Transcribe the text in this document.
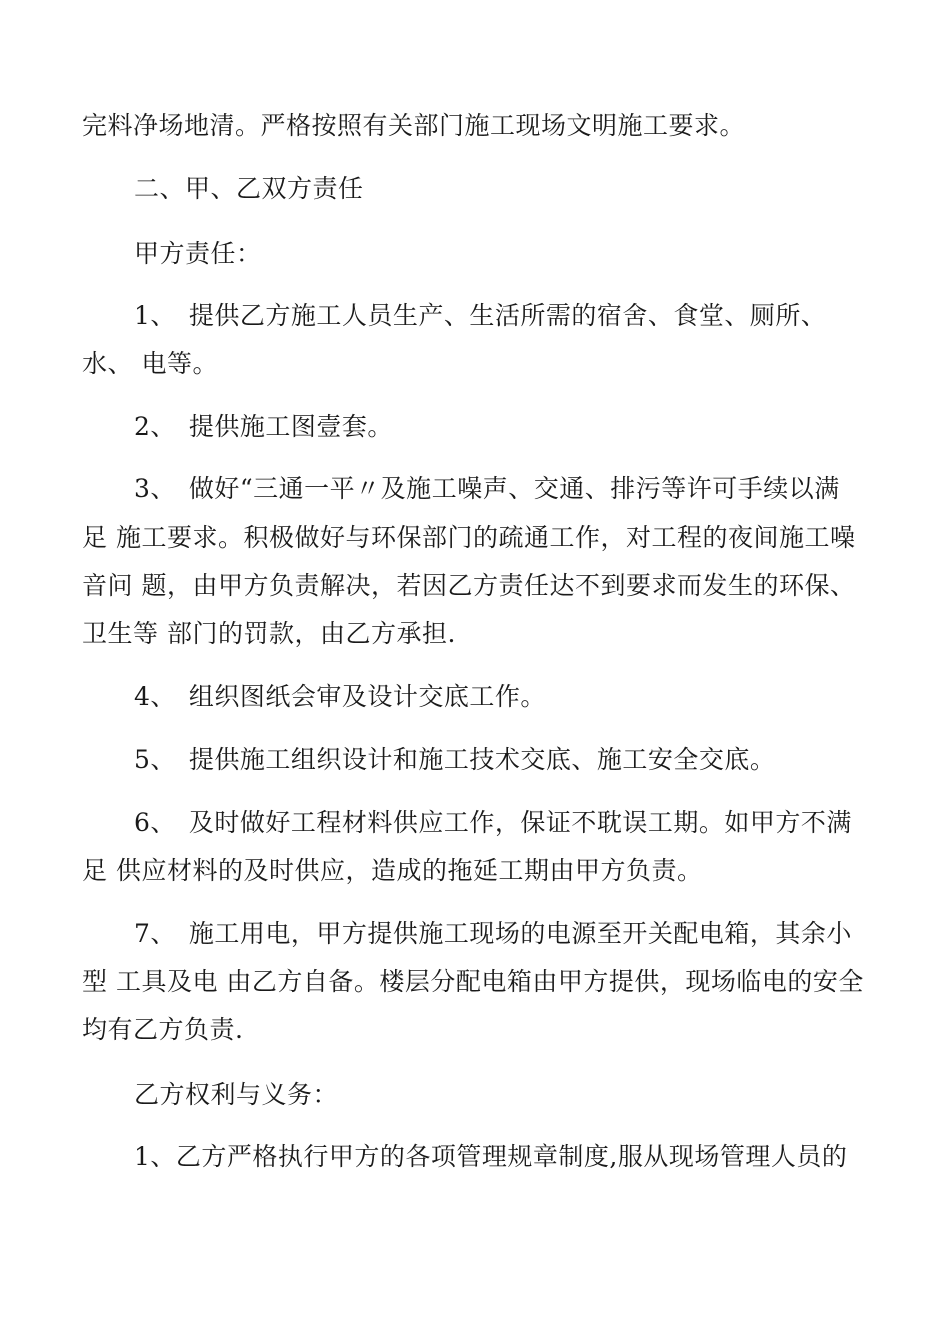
完料净场地清。严格按照有关部门施工现场文明施工要求。
二、甲、乙双方责任
甲方责任：
1、　提供乙方施工人员生产、生活所需的宿舍、食堂、厕所、
水、 电等。
2、　提供施工图壹套。
3、　做好“三通一平〃及施工噪声、交通、排污等许可手续以满
足 施工要求。积极做好与环保部门的疏通工作，对工程的夜间施工噪
音问 题，由甲方负责解决，若因乙方责任达不到要求而发生的环保、
卫生等 部门的罚款，由乙方承担.
4、　组织图纸会审及设计交底工作。
5、　提供施工组织设计和施工技术交底、施工安全交底。
6、　及时做好工程材料供应工作，保证不耽误工期。如甲方不满
足 供应材料的及时供应，造成的拖延工期由甲方负责。
7、　施工用电，甲方提供施工现场的电源至开关配电箱，其余小
型 工具及电 由乙方自备。楼层分配电箱由甲方提供，现场临电的安全
均有乙方负责.
乙方权利与义务：
1、乙方严格执行甲方的各项管理规章制度,服从现场管理人员的
